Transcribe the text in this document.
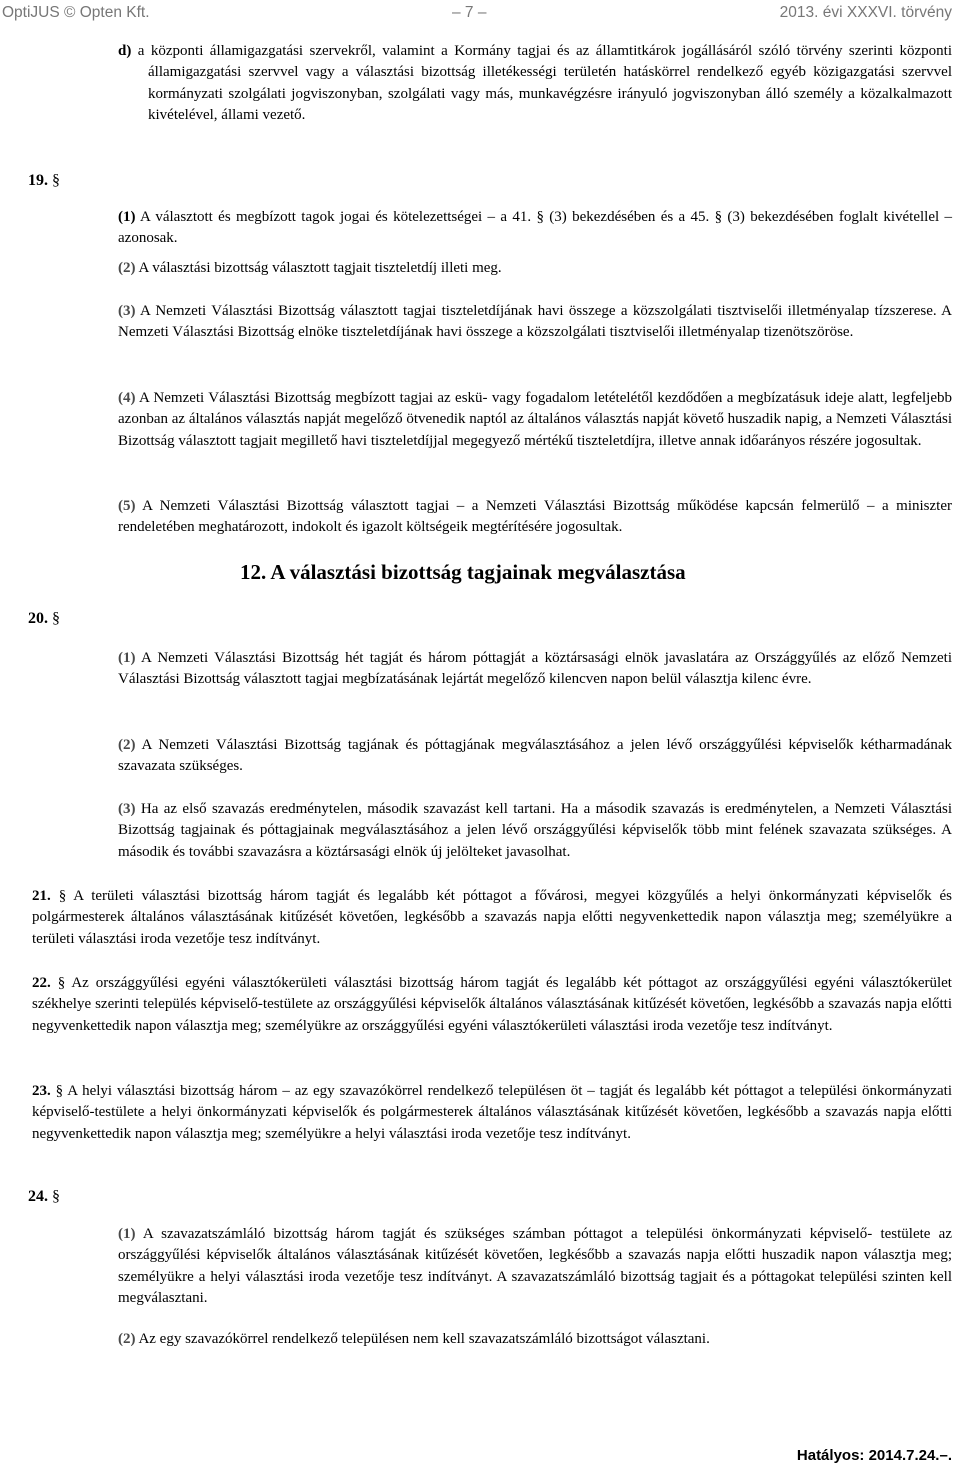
OptiJUS © Opten Kft.	– 7 –	2013. évi XXXVI. törvény
d) a központi államigazgatási szervekről, valamint a Kormány tagjai és az államtitkárok jogállásáról szóló törvény szerinti központi államigazgatási szervvel vagy a választási bizottság illetékességi területén hatáskörrel rendelkező egyéb közigazgatási szervvel kormányzati szolgálati jogviszonyban, szolgálati vagy más, munkavégzésre irányuló jogviszonyban álló személy a közalkalmazott kivételével, állami vezető.
19. §
(1) A választott és megbízott tagok jogai és kötelezettségei – a 41. § (3) bekezdésében és a 45. § (3) bekezdésében foglalt kivétellel – azonosak.
(2) A választási bizottság választott tagjait tiszteletdíj illeti meg.
(3) A Nemzeti Választási Bizottság választott tagjai tiszteletdíjának havi összege a közszolgálati tisztviselői illetményalap tízszerese. A Nemzeti Választási Bizottság elnöke tiszteletdíjának havi összege a közszolgálati tisztviselői illetményalap tizenötszöröse.
(4) A Nemzeti Választási Bizottság megbízott tagjai az eskü- vagy fogadalom letételétől kezdődően a megbízatásuk ideje alatt, legfeljebb azonban az általános választás napját megelőző ötvenedik naptól az általános választás napját követő huszadik napig, a Nemzeti Választási Bizottság választott tagjait megillető havi tiszteletdíjjal megegyező mértékű tiszteletdíjra, illetve annak időarányos részére jogosultak.
(5) A Nemzeti Választási Bizottság választott tagjai – a Nemzeti Választási Bizottság működése kapcsán felmerülő – a miniszter rendeletében meghatározott, indokolt és igazolt költségeik megtérítésére jogosultak.
12. A választási bizottság tagjainak megválasztása
20. §
(1) A Nemzeti Választási Bizottság hét tagját és három póttagját a köztársasági elnök javaslatára az Országgyűlés az előző Nemzeti Választási Bizottság választott tagjai megbízatásának lejártát megelőző kilencven napon belül választja kilenc évre.
(2) A Nemzeti Választási Bizottság tagjának és póttagjának megválasztásához a jelen lévő országgyűlési képviselők kétharmadának szavazata szükséges.
(3) Ha az első szavazás eredménytelen, második szavazást kell tartani. Ha a második szavazás is eredménytelen, a Nemzeti Választási Bizottság tagjainak és póttagjainak megválasztásához a jelen lévő országgyűlési képviselők több mint felének szavazata szükséges. A második és további szavazásra a köztársasági elnök új jelölteket javasolhat.
21. § A területi választási bizottság három tagját és legalább két póttagot a fővárosi, megyei közgyűlés a helyi önkormányzati képviselők és polgármesterek általános választásának kitűzését követően, legkésőbb a szavazás napja előtti negyvenkettedik napon választja meg; személyükre a területi választási iroda vezetője tesz indítványt.
22. § Az országgyűlési egyéni választókerületi választási bizottság három tagját és legalább két póttagot az országgyűlési egyéni választókerület székhelye szerinti település képviselő-testülete az országgyűlési képviselők általános választásának kitűzését követően, legkésőbb a szavazás napja előtti negyvenkettedik napon választja meg; személyükre az országgyűlési egyéni választókerületi választási iroda vezetője tesz indítványt.
23. § A helyi választási bizottság három – az egy szavazókörrel rendelkező településen öt – tagját és legalább két póttagot a települési önkormányzati képviselő-testülete a helyi önkormányzati képviselők és polgármesterek általános választásának kitűzését követően, legkésőbb a szavazás napja előtti negyvenkettedik napon választja meg; személyükre a helyi választási iroda vezetője tesz indítványt.
24. §
(1) A szavazatszámláló bizottság három tagját és szükséges számban póttagot a települési önkormányzati képviselő- testülete az országgyűlési képviselők általános választásának kitűzését követően, legkésőbb a szavazás napja előtti huszadik napon választja meg; személyükre a helyi választási iroda vezetője tesz indítványt. A szavazatszámláló bizottság tagjait és a póttagokat települési szinten kell megválasztani.
(2) Az egy szavazókörrel rendelkező településen nem kell szavazatszámláló bizottságot választani.
Hatályos: 2014.7.24.–.
